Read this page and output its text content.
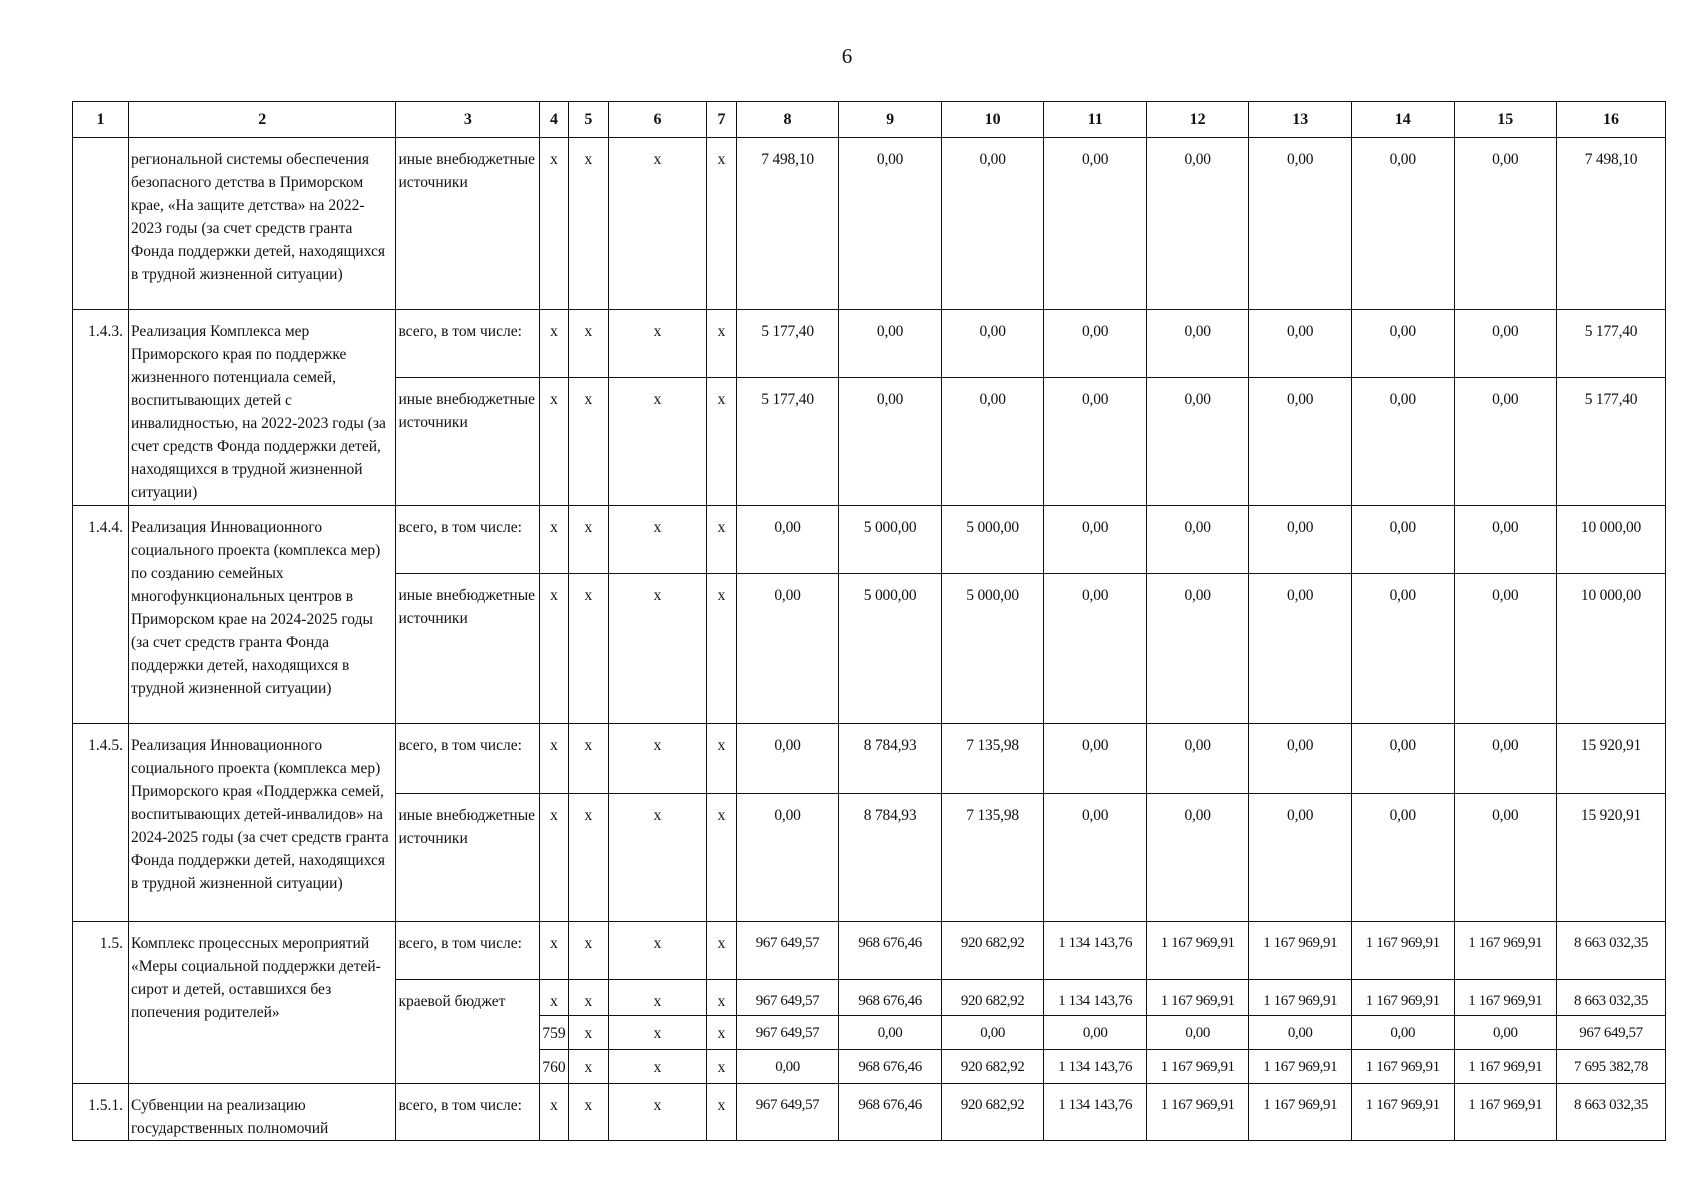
6
1	2	3	4	5	6	7	8	9	10	11	12	13	14	15	16
	региональной системы обеспечения безопасного детства в Приморском крае, «На защите детства» на 2022-2023 годы (за счет средств гранта Фонда поддержки детей, находящихся в трудной жизненной ситуации)	иные внебюджетные источники	x	x	x	x	7 498,10	0,00	0,00	0,00	0,00	0,00	0,00	0,00	7 498,10
1.4.3.	Реализация Комплекса мер Приморского края по поддержке жизненного потенциала семей, воспитывающих детей с инвалидностью, на 2022-2023 годы (за счет средств Фонда поддержки детей, находящихся в трудной жизненной ситуации)	всего, в том числе:	x	x	x	x	5 177,40	0,00	0,00	0,00	0,00	0,00	0,00	0,00	5 177,40
		иные внебюджетные источники	x	x	x	x	5 177,40	0,00	0,00	0,00	0,00	0,00	0,00	0,00	5 177,40
1.4.4.	Реализация Инновационного социального проекта (комплекса мер) по созданию семейных многофункциональных центров в Приморском крае на 2024-2025 годы (за счет средств гранта Фонда поддержки детей, находящихся в трудной жизненной ситуации)	всего, в том числе:	x	x	x	x	0,00	5 000,00	5 000,00	0,00	0,00	0,00	0,00	0,00	10 000,00
		иные внебюджетные источники	x	x	x	x	0,00	5 000,00	5 000,00	0,00	0,00	0,00	0,00	0,00	10 000,00
1.4.5.	Реализация Инновационного социального проекта (комплекса мер) Приморского края «Поддержка семей, воспитывающих детей-инвалидов» на 2024-2025 годы (за счет средств гранта Фонда поддержки детей, находящихся в трудной жизненной ситуации)	всего, в том числе:	x	x	x	x	0,00	8 784,93	7 135,98	0,00	0,00	0,00	0,00	0,00	15 920,91
		иные внебюджетные источники	x	x	x	x	0,00	8 784,93	7 135,98	0,00	0,00	0,00	0,00	0,00	15 920,91
1.5.	Комплекс процессных мероприятий «Меры социальной поддержки детей-сирот и детей, оставшихся без попечения родителей»	всего, в том числе:	x	x	x	x	967 649,57	968 676,46	920 682,92	1 134 143,76	1 167 969,91	1 167 969,91	1 167 969,91	1 167 969,91	8 663 032,35
		краевой бюджет	x	x	x	x	967 649,57	968 676,46	920 682,92	1 134 143,76	1 167 969,91	1 167 969,91	1 167 969,91	1 167 969,91	8 663 032,35
			759	x	x	x	967 649,57	0,00	0,00	0,00	0,00	0,00	0,00	0,00	967 649,57
			760	x	x	x	0,00	968 676,46	920 682,92	1 134 143,76	1 167 969,91	1 167 969,91	1 167 969,91	1 167 969,91	7 695 382,78
1.5.1.	Субвенции на реализацию государственных полномочий	всего, в том числе:	x	x	x	x	967 649,57	968 676,46	920 682,92	1 134 143,76	1 167 969,91	1 167 969,91	1 167 969,91	1 167 969,91	8 663 032,35
